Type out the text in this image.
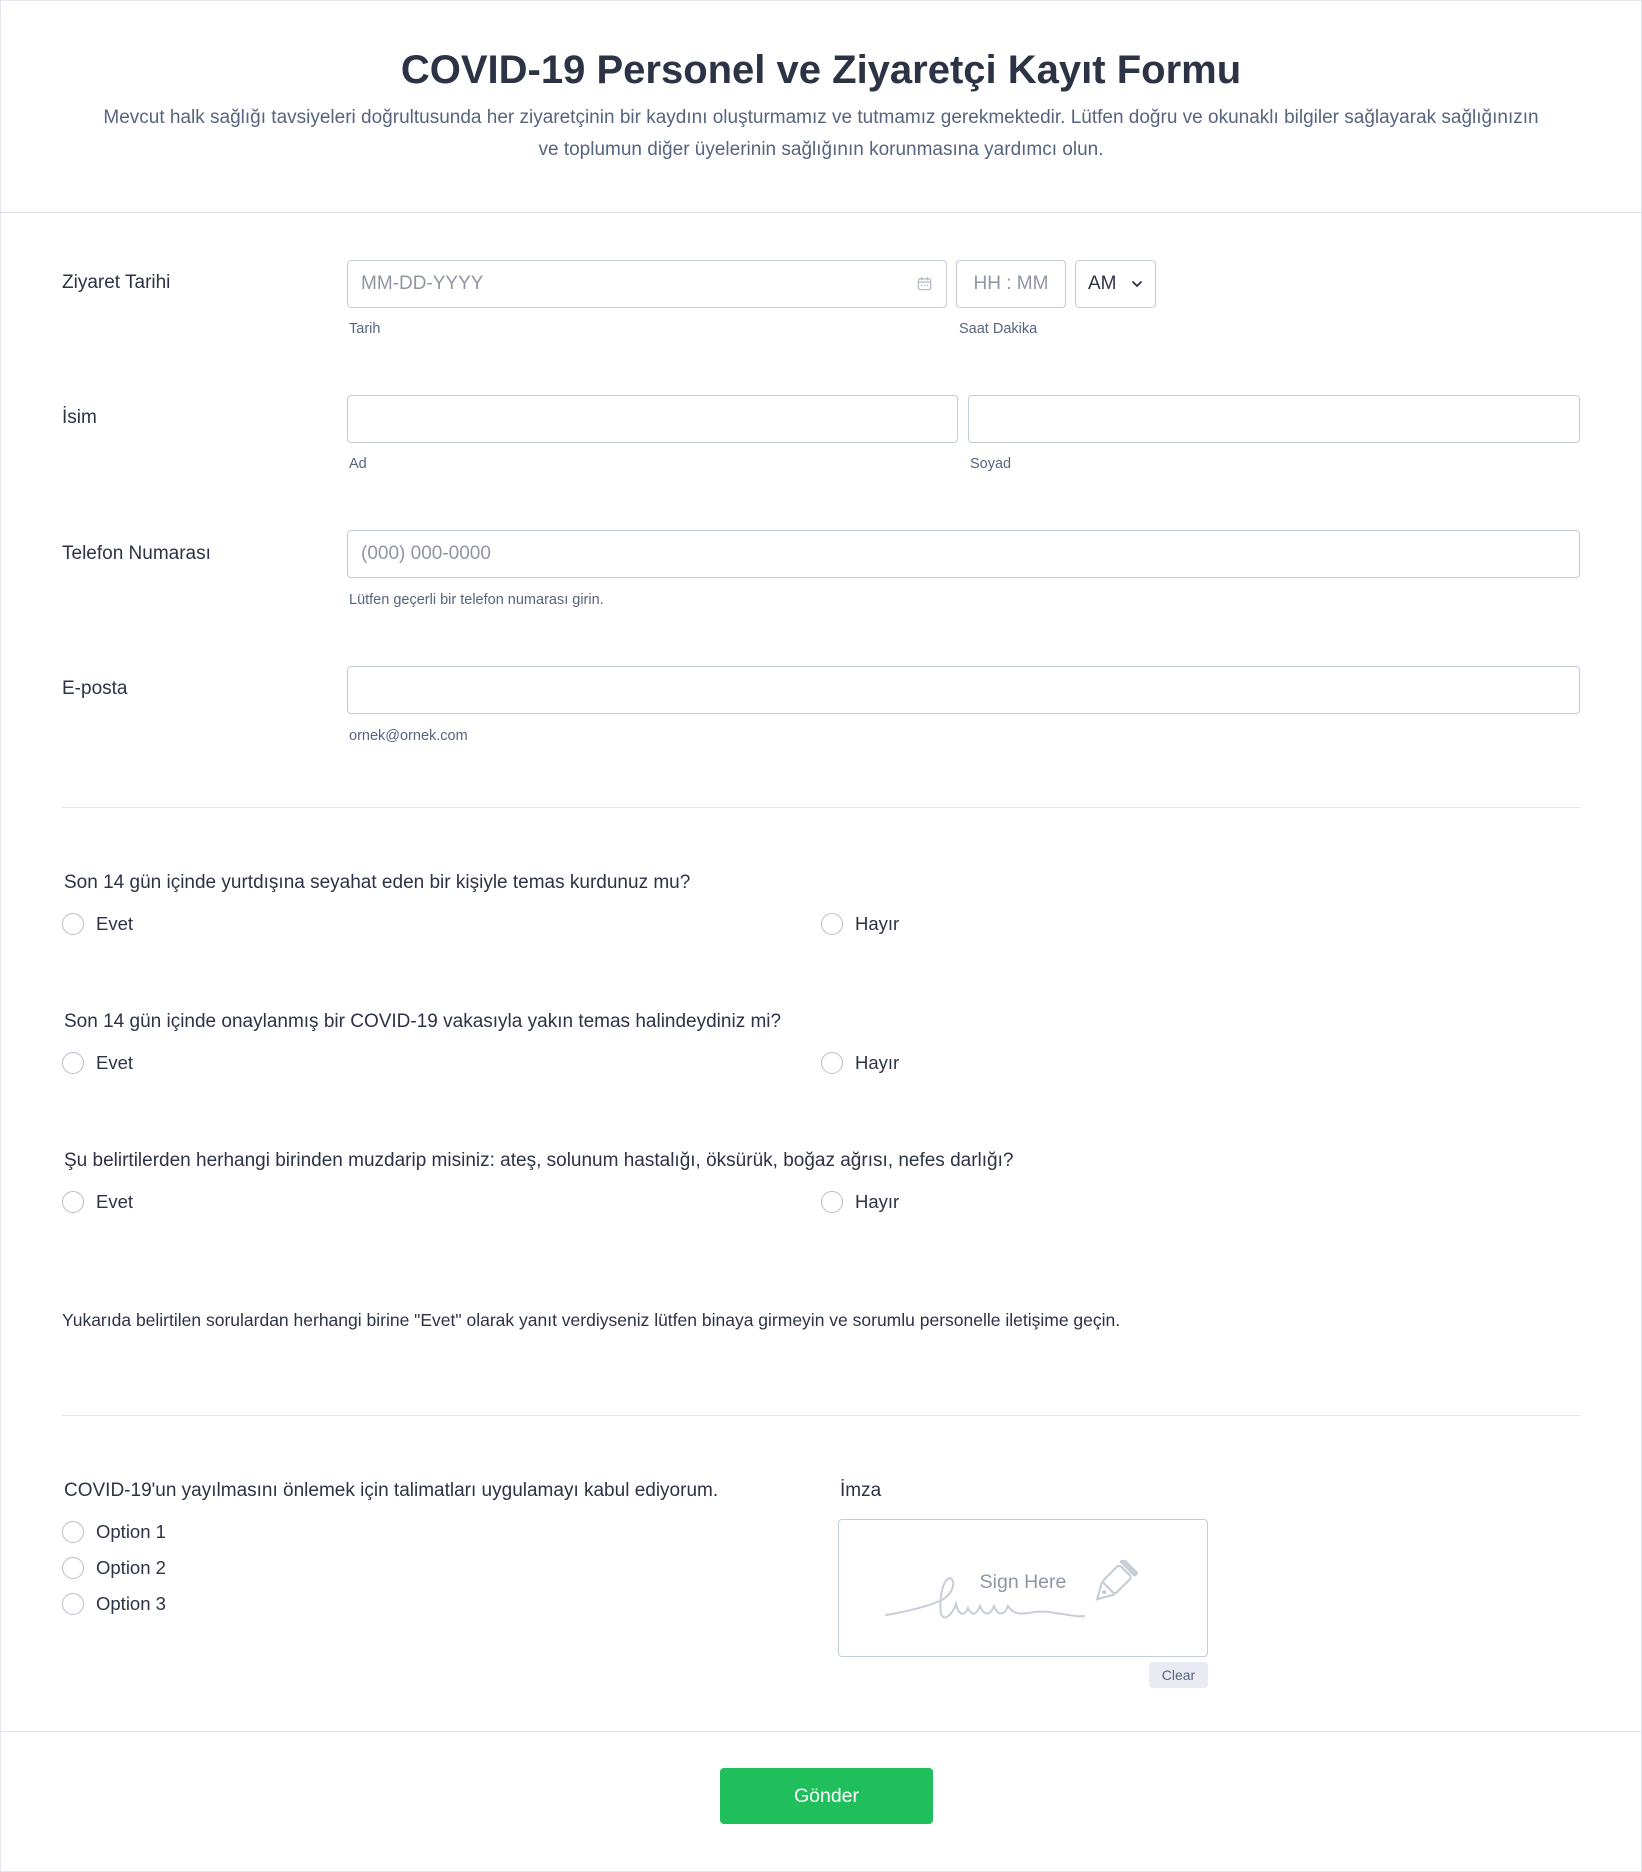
COVID-19 Personel ve Ziyaretçi Kayıt Formu
Mevcut halk sağlığı tavsiyeleri doğrultusunda her ziyaretçinin bir kaydını oluşturmamız ve tutmamız gerekmektedir. Lütfen doğru ve okunaklı bilgiler sağlayarak sağlığınızın ve toplumun diğer üyelerinin sağlığının korunmasına yardımcı olun.
Ziyaret Tarihi	MM-DD-YYYY
Tarih
HH : MM
Saat Dakika
AM
İsim
Ad	Soyad
Telefon Numarası	(000) 000-0000
Lütfen geçerli bir telefon numarası girin.
E-posta
ornek@ornek.com
Son 14 gün içinde yurtdışına seyahat eden bir kişiyle temas kurdunuz mu?
Evet	Hayır
Son 14 gün içinde onaylanmış bir COVID-19 vakasıyla yakın temas halindeydiniz mi?
Evet	Hayır
Şu belirtilerden herhangi birinden muzdarip misiniz: ateş, solunum hastalığı, öksürük, boğaz ağrısı, nefes darlığı?
Evet	Hayır
Yukarıda belirtilen sorulardan herhangi birine "Evet" olarak yanıt verdiyseniz lütfen binaya girmeyin ve sorumlu personelle iletişime geçin.
COVID-19'un yayılmasını önlemek için talimatları uygulamayı kabul ediyorum.
Option 1
Option 2
Option 3
İmza
Sign Here
Clear
Gönder
